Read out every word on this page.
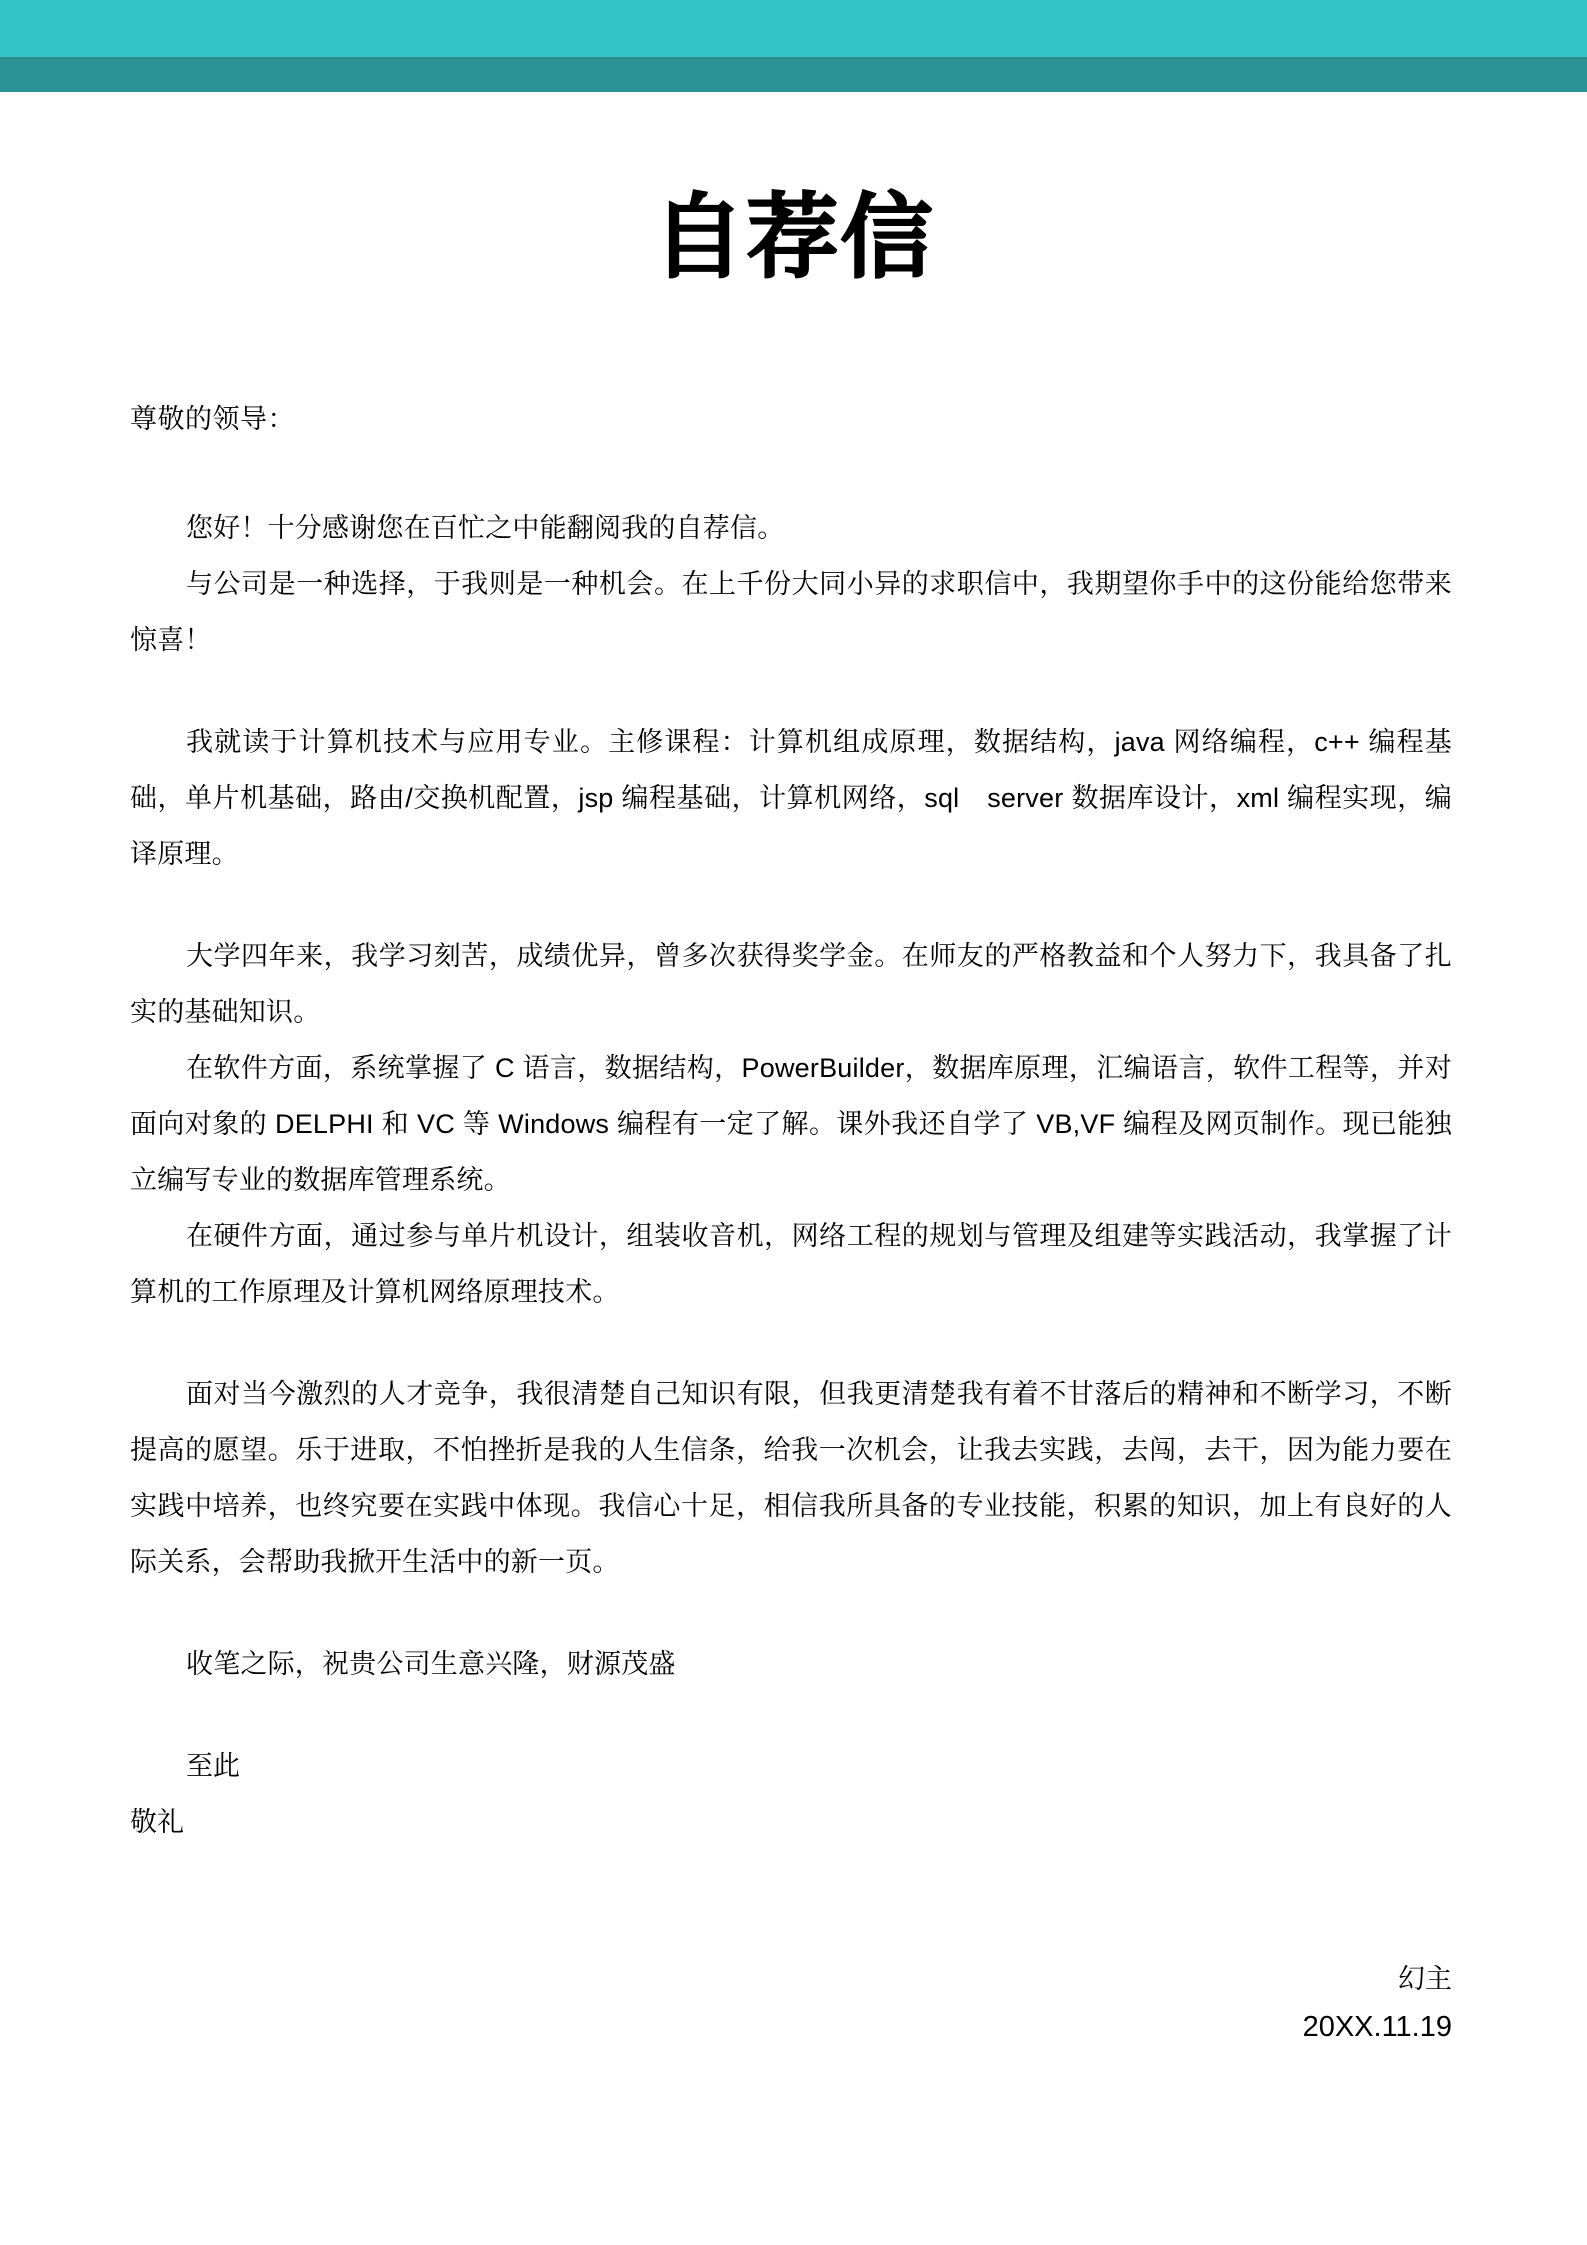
自荐信

尊敬的领导：

您好！十分感谢您在百忙之中能翻阅我的自荐信。

与公司是一种选择，于我则是一种机会。在上千份大同小异的求职信中，我期望你手中的这份能给您带来惊喜！

我就读于计算机技术与应用专业。主修课程：计算机组成原理，数据结构，java 网络编程，c++ 编程基础，单片机基础，路由/交换机配置，jsp 编程基础，计算机网络，sql　server 数据库设计，xml 编程实现，编译原理。

大学四年来，我学习刻苦，成绩优异，曾多次获得奖学金。在师友的严格教益和个人努力下，我具备了扎实的基础知识。

在软件方面，系统掌握了 C 语言，数据结构，PowerBuilder，数据库原理，汇编语言，软件工程等，并对面向对象的 DELPHI 和 VC 等 Windows 编程有一定了解。课外我还自学了 VB,VF 编程及网页制作。现已能独立编写专业的数据库管理系统。

在硬件方面，通过参与单片机设计，组装收音机，网络工程的规划与管理及组建等实践活动，我掌握了计算机的工作原理及计算机网络原理技术。

面对当今激烈的人才竞争，我很清楚自己知识有限，但我更清楚我有着不甘落后的精神和不断学习，不断提高的愿望。乐于进取，不怕挫折是我的人生信条，给我一次机会，让我去实践，去闯，去干，因为能力要在实践中培养，也终究要在实践中体现。我信心十足，相信我所具备的专业技能，积累的知识，加上有良好的人际关系，会帮助我掀开生活中的新一页。

收笔之际，祝贵公司生意兴隆，财源茂盛

至此

敬礼

幻主

20XX.11.19
